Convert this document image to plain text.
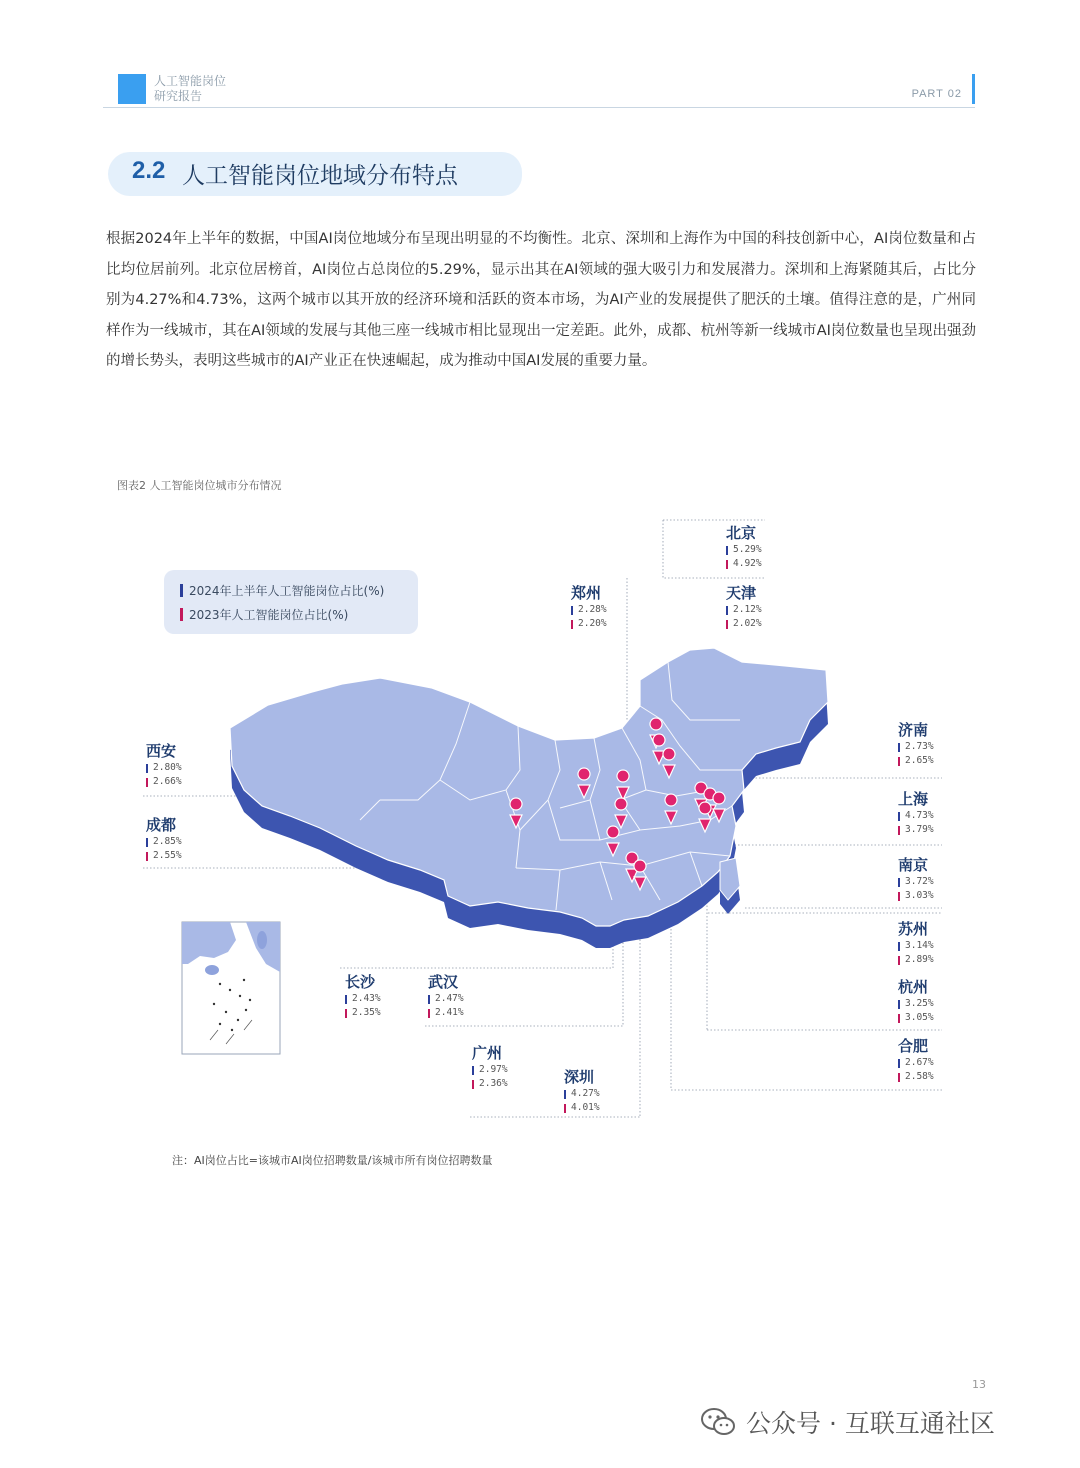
人工智能岗位
研究报告	PART 02
2.2 人工智能岗位地域分布特点
根据2024年上半年的数据，中国AI岗位地域分布呈现出明显的不均衡性。北京、深圳和上海作为中国的科技创新中心，AI岗位数量和占比均位居前列。北京位居榜首，AI岗位占总岗位的5.29%，显示出其在AI领域的强大吸引力和发展潜力。深圳和上海紧随其后，占比分别为4.27%和4.73%，这两个城市以其开放的经济环境和活跃的资本市场，为AI产业的发展提供了肥沃的土壤。值得注意的是，广州同样作为一线城市，其在AI领域的发展与其他三座一线城市相比显现出一定差距。此外，成都、杭州等新一线城市AI岗位数量也呈现出强劲的增长势头，表明这些城市的AI产业正在快速崛起，成为推动中国AI发展的重要力量。
图表2 人工智能岗位城市分布情况
2024年上半年人工智能岗位占比(%)
2023年人工智能岗位占比(%)
北京
5.29%
4.92%
天津
2.12%
2.02%
郑州
2.28%
2.20%
济南
2.73%
2.65%
西安
2.80%
2.66%
上海
4.73%
3.79%
成都
2.85%
2.55%
南京
3.72%
3.03%
苏州
3.14%
2.89%
杭州
3.25%
3.05%
长沙
2.43%
2.35%
武汉
2.47%
2.41%
合肥
2.67%
2.58%
广州
2.97%
2.36%	深圳
4.27%
4.01%
注：AI岗位占比=该城市AI岗位招聘数量/该城市所有岗位招聘数量
13
公众号 · 互联互通社区
